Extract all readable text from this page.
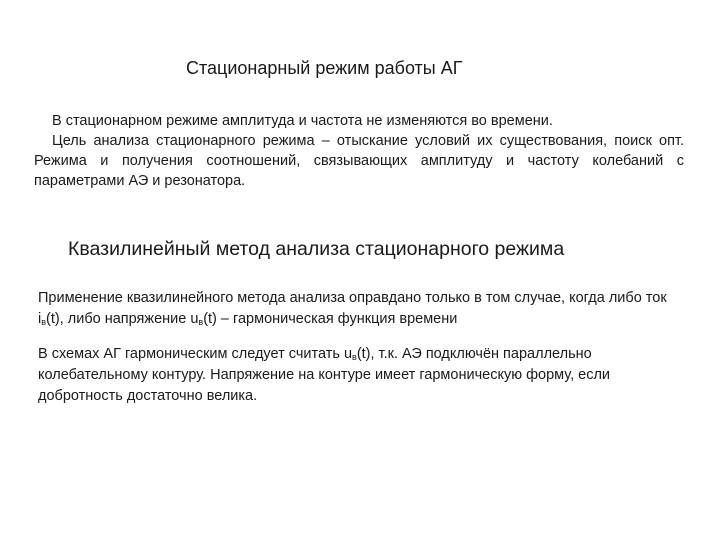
Стационарный режим работы АГ

В стационарном режиме амплитуда и частота не изменяются во времени.
Цель анализа стационарного режима – отыскание условий их существования, поиск опт. Режима и получения соотношений, связывающих амплитуду и частоту колебаний с параметрами АЭ и резонатора.

Квазилинейный метод анализа стационарного режима

Применение квазилинейного метода анализа оправдано только в том случае, когда либо ток $i_в(t)$, либо напряжение $u_в(t)$ – гармоническая функция времени

В схемах АГ гармоническим следует считать $u_в(t)$, т.к. АЭ подключён параллельно колебательному контуру. Напряжение на контуре имеет гармоническую форму, если добротность достаточно велика.
